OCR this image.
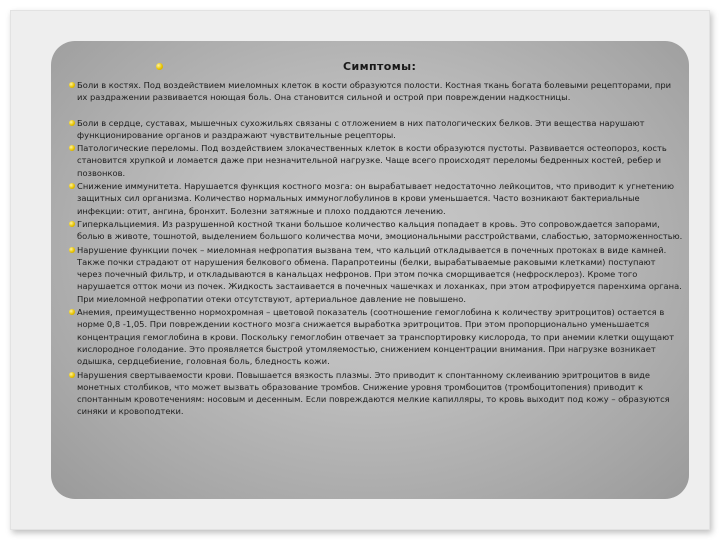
Симптомы:
Боли в костях. Под воздействием миеломных клеток в кости образуются полости. Костная ткань богата болевыми рецепторами, при их раздражении развивается ноющая боль. Она становится сильной и острой при повреждении надкостницы.
Боли в сердце, суставах, мышечных сухожильях связаны с отложением в них патологических белков. Эти вещества нарушают функционирование органов и раздражают чувствительные рецепторы.
Патологические переломы. Под воздействием злокачественных клеток в кости образуются пустоты. Развивается остеопороз, кость становится хрупкой и ломается даже при незначительной нагрузке. Чаще всего происходят переломы бедренных костей, ребер и позвонков.
Снижение иммунитета. Нарушается функция костного мозга: он вырабатывает недостаточно лейкоцитов, что приводит к угнетению защитных сил организма. Количество нормальных иммуноглобулинов в крови уменьшается. Часто возникают бактериальные инфекции: отит, ангина, бронхит. Болезни затяжные и плохо поддаются лечению.
Гиперкальциемия. Из разрушенной костной ткани большое количество кальция попадает в кровь. Это сопровождается запорами, болью в животе, тошнотой, выделением большого количества мочи, эмоциональными расстройствами, слабостью, заторможенностью.
Нарушение функции почек – миеломная нефропатия вызвана тем, что кальций откладывается в почечных протоках в виде камней. Также почки страдают от нарушения белкового обмена. Парапротеины (белки, вырабатываемые раковыми клетками) поступают через почечный фильтр, и откладываются в канальцах нефронов. При этом почка сморщивается (нефросклероз). Кроме того нарушается отток мочи из почек. Жидкость застаивается в почечных чашечках и лоханках, при этом атрофируется паренхима органа. При миеломной нефропатии отеки отсутствуют, артериальное давление не повышено.
Анемия, преимущественно нормохромная – цветовой показатель (соотношение гемоглобина к количеству эритроцитов) остается в норме 0,8 -1,05. При повреждении костного мозга снижается выработка эритроцитов. При этом пропорционально уменьшается концентрация гемоглобина в крови. Поскольку гемоглобин отвечает за транспортировку кислорода, то при анемии клетки ощущают кислородное голодание. Это проявляется быстрой утомляемостью, снижением концентрации внимания. При нагрузке возникает одышка, сердцебиение, головная боль, бледность кожи.
Нарушения свертываемости крови. Повышается вязкость плазмы. Это приводит к спонтанному склеиванию эритроцитов в виде монетных столбиков, что может вызвать образование тромбов. Снижение уровня тромбоцитов (тромбоцитопения) приводит к спонтанным кровотечениям: носовым и десенным. Если повреждаются мелкие капилляры, то кровь выходит под кожу – образуются синяки и кровоподтеки.
